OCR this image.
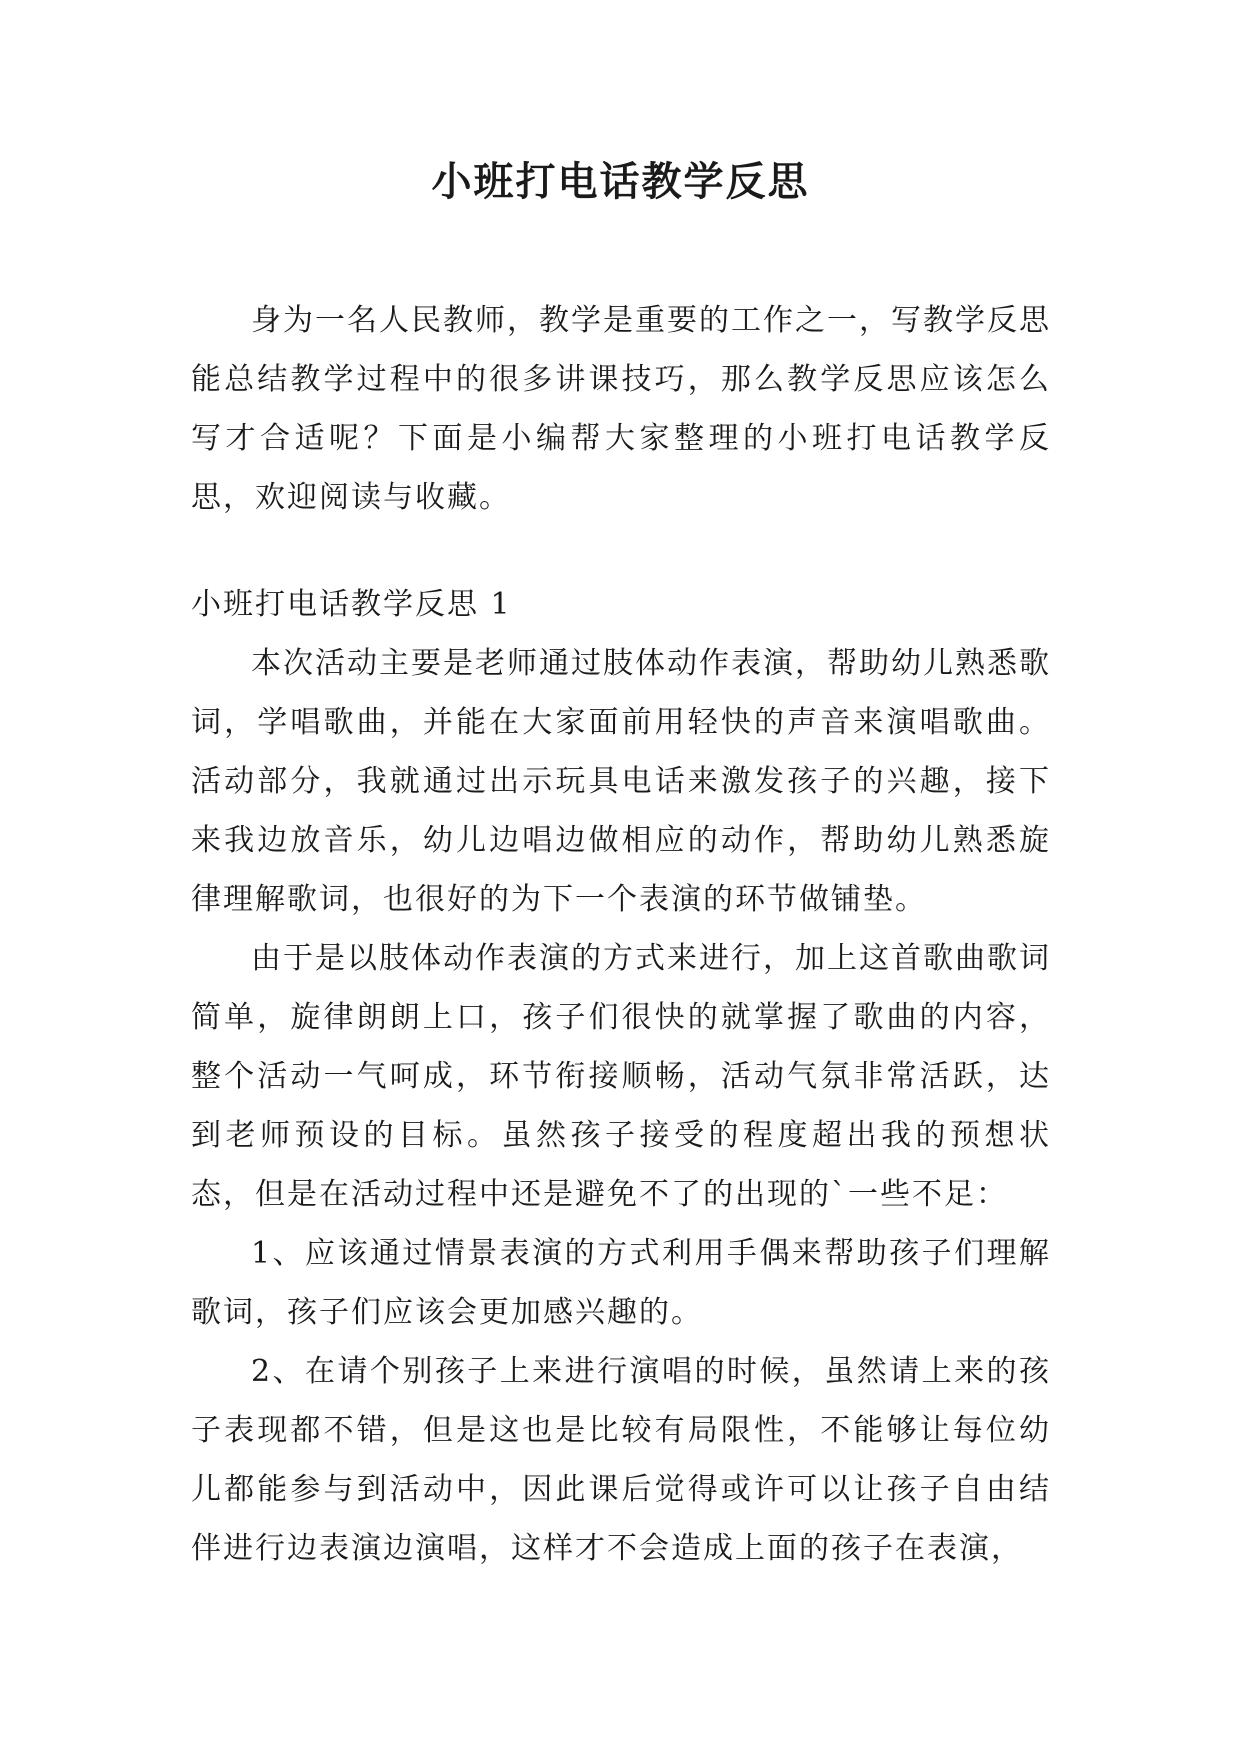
小班打电话教学反思

身为一名人民教师，教学是重要的工作之一，写教学反思能总结教学过程中的很多讲课技巧，那么教学反思应该怎么写才合适呢？下面是小编帮大家整理的小班打电话教学反思，欢迎阅读与收藏。

小班打电话教学反思 1

本次活动主要是老师通过肢体动作表演，帮助幼儿熟悉歌词，学唱歌曲，并能在大家面前用轻快的声音来演唱歌曲。活动部分，我就通过出示玩具电话来激发孩子的兴趣，接下来我边放音乐，幼儿边唱边做相应的动作，帮助幼儿熟悉旋律理解歌词，也很好的为下一个表演的环节做铺垫。

由于是以肢体动作表演的方式来进行，加上这首歌曲歌词简单，旋律朗朗上口，孩子们很快的就掌握了歌曲的内容，整个活动一气呵成，环节衔接顺畅，活动气氛非常活跃，达到老师预设的目标。虽然孩子接受的程度超出我的预想状态，但是在活动过程中还是避免不了的出现的`一些不足：

1、应该通过情景表演的方式利用手偶来帮助孩子们理解歌词，孩子们应该会更加感兴趣的。

2、在请个别孩子上来进行演唱的时候，虽然请上来的孩子表现都不错，但是这也是比较有局限性，不能够让每位幼儿都能参与到活动中，因此课后觉得或许可以让孩子自由结伴进行边表演边演唱，这样才不会造成上面的孩子在表演，
